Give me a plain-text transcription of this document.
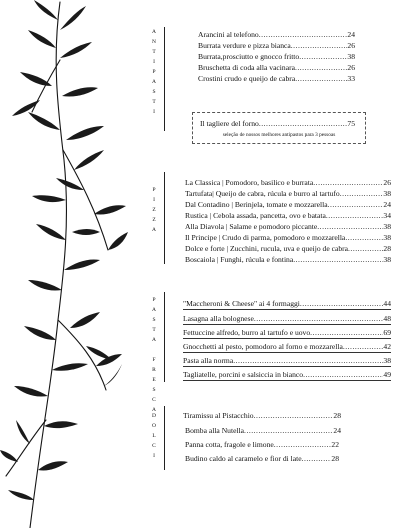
A
N
T
I
P
A
S
T
I
Arancini al telefono .....	24
Burrata verdure e pizza bianca .....	26
Burrata,prosciutto e gnocco fritto .....	38
Bruschetta di coda alla vacinara .....	26
Crostini crudo e queijo de cabra .....	33
Il tagliere del forno .....	75
seleção de nossos melhores antipastos para 3 pessoas
P
I
Z
Z
A
La Classica | Pomodoro, basilico e burrata .....	26
Tartufata| Queijo de cabra, rúcula e burro al tartufo .....	38
Dal Contadino | Berinjela, tomate e mozzarella .....	24
Rustica | Cebola assada, pancetta, ovo e batata .....	34
Alla Diavola | Salame e pomodoro piccante .....	38
Il Principe | Crudo di parma, pomodoro e mozzarella .....	38
Dolce e forte | Zucchini, rucula, uva e queijo de cabra .....	28
Boscaiola | Funghi, rúcula e fontina .....	38
P
A
S
T
A

F
R
E
S
C
A
"Maccheroni & Cheese" ai 4 formaggi .....	44
Lasagna alla bolognese .....	48
Fettuccine alfredo, burro al tartufo e uovo .....	69
Gnocchetti al pesto, pomodoro al forno e mozzarella .....	42
Pasta alla norma .....	38
Tagliatelle, porcini e salsiccia in bianco .....	49
D
O
L
C
I
Tiramissu al Pistacchio .....	28
Bomba alla Nutella .....	24
Panna cotta, fragole e limone .....	22
Budino caldo al caramelo e fior di late .....	28
